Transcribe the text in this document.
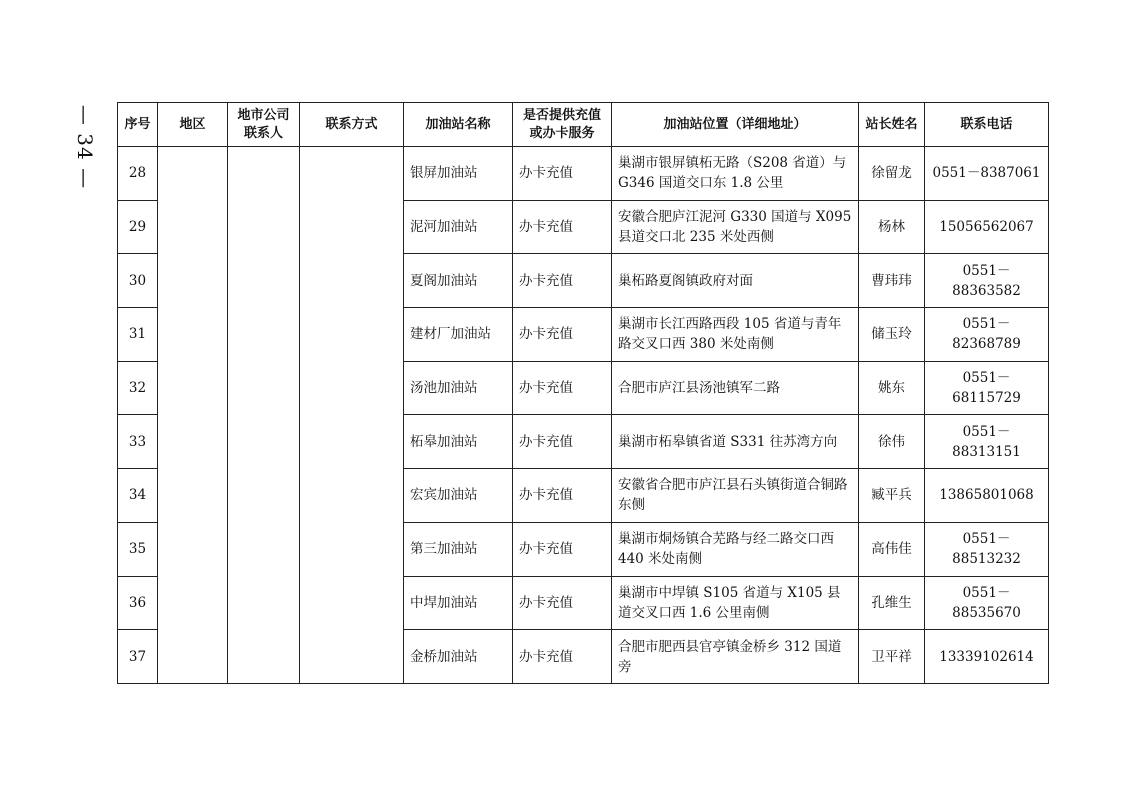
— 34 —	序号	地区	地市公司联系人	联系方式	加油站名称	是否提供充值或办卡服务	加油站位置（详细地址）	站长姓名	联系电话
28				银屏加油站	办卡充值	巢湖市银屏镇柘无路（S208 省道）与G346 国道交口东 1.8 公里	徐留龙	0551－8387061
29				泥河加油站	办卡充值	安徽合肥庐江泥河 G330 国道与 X095县道交口北 235 米处西侧	杨林	15056562067
30				夏阁加油站	办卡充值	巢柘路夏阁镇政府对面	曹玮玮	0551－88363582
31				建材厂加油站	办卡充值	巢湖市长江西路西段 105 省道与青年路交叉口西 380 米处南侧	储玉玲	0551－82368789
32				汤池加油站	办卡充值	合肥市庐江县汤池镇军二路	姚东	0551－68115729
33				柘皋加油站	办卡充值	巢湖市柘皋镇省道 S331 往苏湾方向	徐伟	0551－88313151
34				宏宾加油站	办卡充值	安徽省合肥市庐江县石头镇街道合铜路东侧	臧平兵	13865801068
35				第三加油站	办卡充值	巢湖市烔炀镇合芜路与经二路交口西440 米处南侧	高伟佳	0551－88513232
36				中垾加油站	办卡充值	巢湖市中垾镇 S105 省道与 X105 县道交叉口西 1.6 公里南侧	孔维生	0551－88535670
37				金桥加油站	办卡充值	合肥市肥西县官亭镇金桥乡 312 国道旁	卫平祥	13339102614
